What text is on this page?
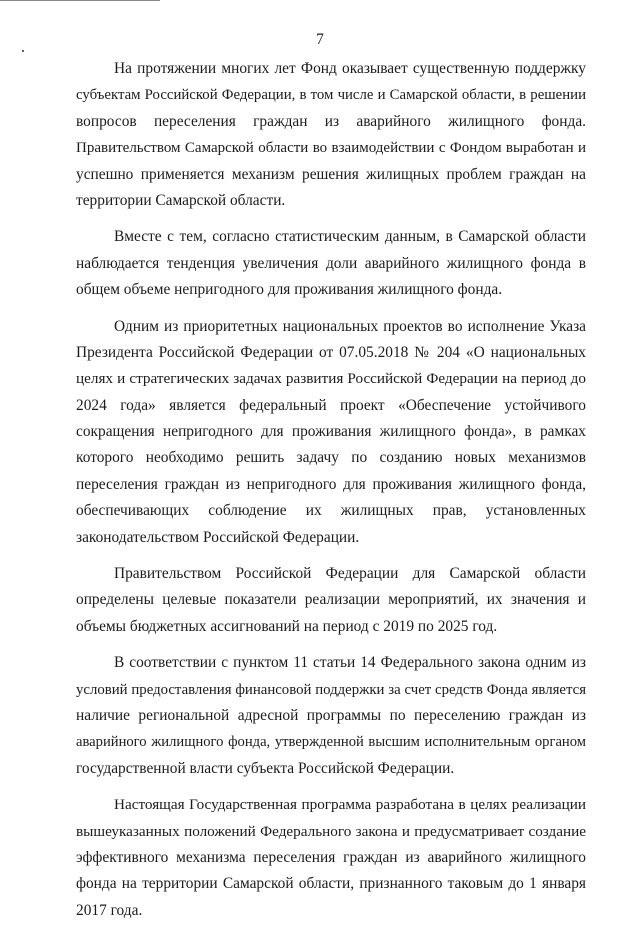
7
На протяжении многих лет Фонд оказывает существенную поддержку
субъектам Российской Федерации, в том числе и Самарской области, в решении
вопросов переселения граждан из аварийного жилищного фонда.
Правительством Самарской области во взаимодействии с Фондом выработан и
успешно применяется механизм решения жилищных проблем граждан на
территории Самарской области.
Вместе с тем, согласно статистическим данным, в Самарской области
наблюдается тенденция увеличения доли аварийного жилищного фонда в
общем объеме непригодного для проживания жилищного фонда.
Одним из приоритетных национальных проектов во исполнение Указа
Президента Российской Федерации от 07.05.2018 № 204 «О национальных
целях и стратегических задачах развития Российской Федерации на период до
2024 года» является федеральный проект «Обеспечение устойчивого
сокращения непригодного для проживания жилищного фонда», в рамках
которого необходимо решить задачу по созданию новых механизмов
переселения граждан из непригодного для проживания жилищного фонда,
обеспечивающих соблюдение их жилищных прав, установленных
законодательством Российской Федерации.
Правительством Российской Федерации для Самарской области
определены целевые показатели реализации мероприятий, их значения и
объемы бюджетных ассигнований на период с 2019 по 2025 год.
В соответствии с пунктом 11 статьи 14 Федерального закона одним из
условий предоставления финансовой поддержки за счет средств Фонда является
наличие региональной адресной программы по переселению граждан из
аварийного жилищного фонда, утвержденной высшим исполнительным органом
государственной власти субъекта Российской Федерации.
Настоящая Государственная программа разработана в целях реализации
вышеуказанных положений Федерального закона и предусматривает создание
эффективного механизма переселения граждан из аварийного жилищного
фонда на территории Самарской области, признанного таковым до 1 января
2017 года.
